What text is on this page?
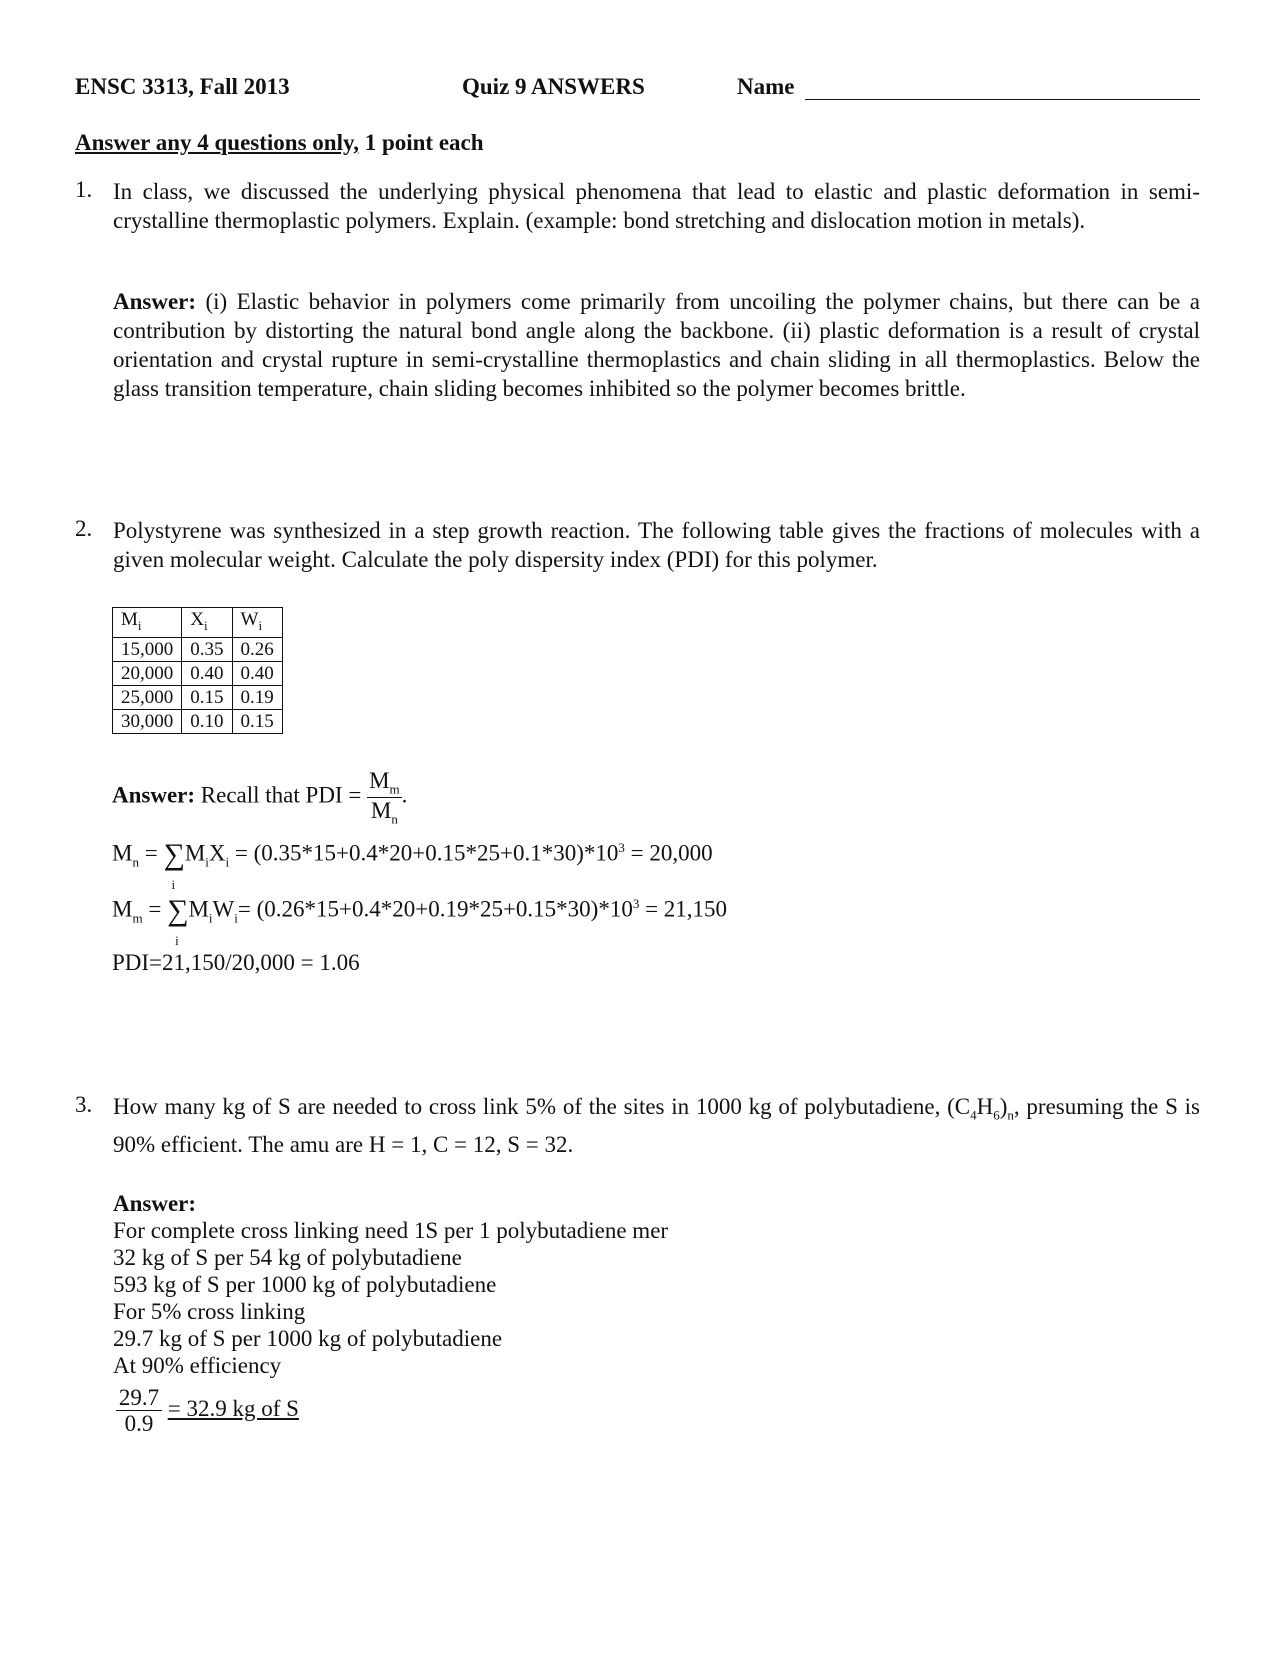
ENSC 3313, Fall 2013	Quiz 9 ANSWERS	Name
Answer any 4 questions only, 1 point each
1. In class, we discussed the underlying physical phenomena that lead to elastic and plastic deformation in semi-crystalline thermoplastic polymers. Explain. (example: bond stretching and dislocation motion in metals).
Answer: (i) Elastic behavior in polymers come primarily from uncoiling the polymer chains, but there can be a contribution by distorting the natural bond angle along the backbone. (ii) plastic deformation is a result of crystal orientation and crystal rupture in semi-crystalline thermoplastics and chain sliding in all thermoplastics. Below the glass transition temperature, chain sliding becomes inhibited so the polymer becomes brittle.
2. Polystyrene was synthesized in a step growth reaction. The following table gives the fractions of molecules with a given molecular weight. Calculate the poly dispersity index (PDI) for this polymer.
$M_i$	$X_i$	$W_i$
15,000	0.35	0.26
20,000	0.40	0.40
25,000	0.15	0.19
30,000	0.10	0.15
Answer: Recall that PDI = $\frac{M_m}{M_n}$ .
$M_n$ = ∑
i
$M_iX_i = (0.35*15+0.4*20+0.15*25+0.1*30)*10^3 = 20,000$
$M_m$ = ∑
i
$M_iW_i= (0.26*15+0.4*20+0.19*25+0.15*30)*10^3 = 21,150$
PDI=21,150/20,000 = 1.06
3. How many kg of S are needed to cross link 5% of the sites in 1000 kg of polybutadiene, $(C_4H_6)_n$, presuming the S is 90% efficient. The amu are H = 1, C = 12, S = 32.
Answer:
For complete cross linking need 1S per 1 polybutadiene mer
32 kg of S per 54 kg of polybutadiene
593 kg of S per 1000 kg of polybutadiene
For 5% cross linking
29.7 kg of S per 1000 kg of polybutadiene
At 90% efficiency
$\frac{29.7}{0.9} = 32.9$ kg of S
